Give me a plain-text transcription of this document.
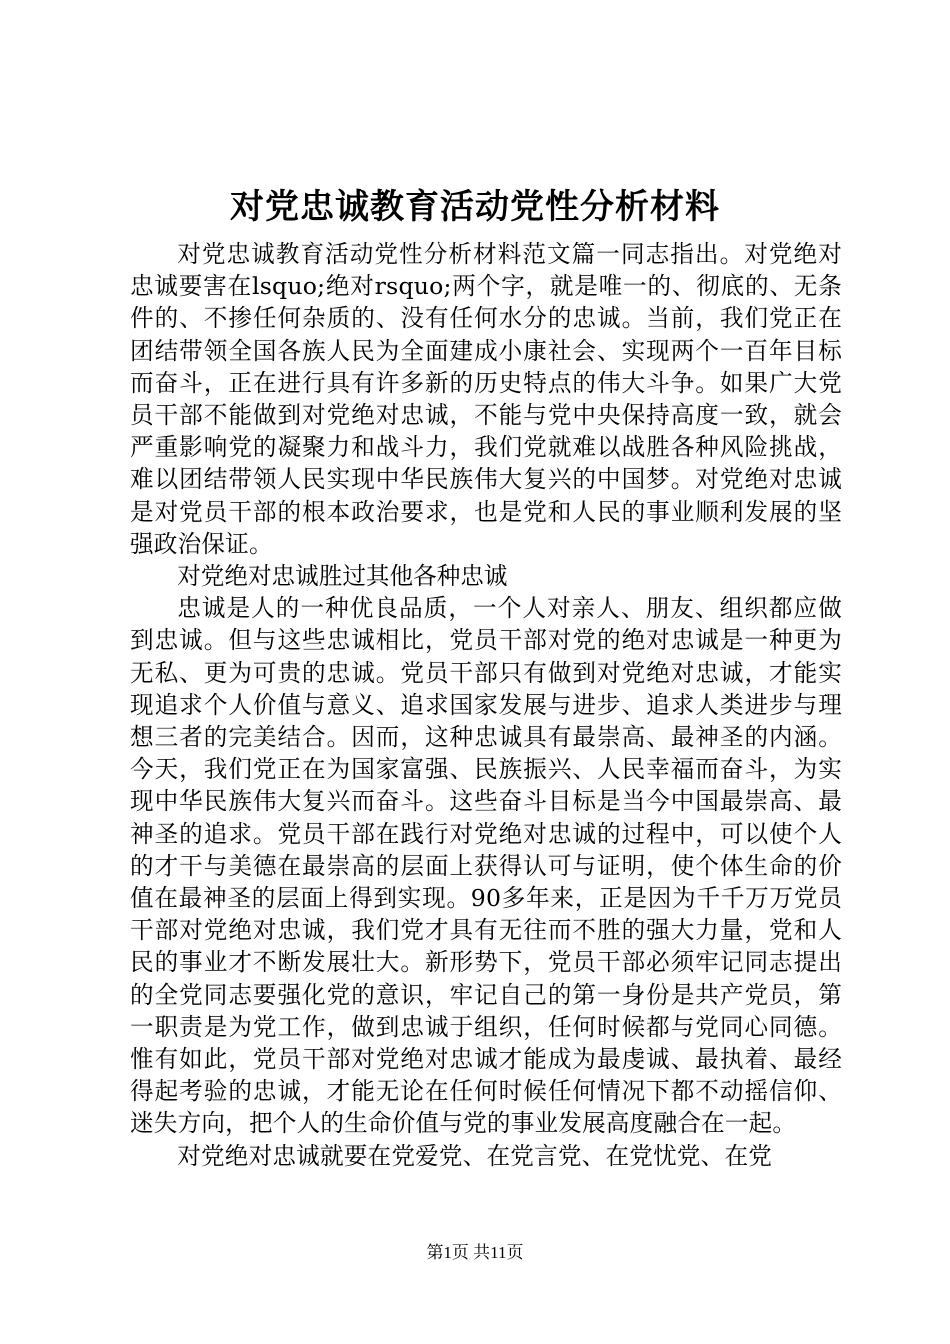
对党忠诚教育活动党性分析材料

对党忠诚教育活动党性分析材料范文篇一同志指出。对党绝对忠诚要害在lsquo;绝对rsquo;两个字，就是唯一的、彻底的、无条件的、不掺任何杂质的、没有任何水分的忠诚。当前，我们党正在团结带领全国各族人民为全面建成小康社会、实现两个一百年目标而奋斗，正在进行具有许多新的历史特点的伟大斗争。如果广大党员干部不能做到对党绝对忠诚，不能与党中央保持高度一致，就会严重影响党的凝聚力和战斗力，我们党就难以战胜各种风险挑战，难以团结带领人民实现中华民族伟大复兴的中国梦。对党绝对忠诚是对党员干部的根本政治要求，也是党和人民的事业顺利发展的坚强政治保证。

对党绝对忠诚胜过其他各种忠诚

忠诚是人的一种优良品质，一个人对亲人、朋友、组织都应做到忠诚。但与这些忠诚相比，党员干部对党的绝对忠诚是一种更为无私、更为可贵的忠诚。党员干部只有做到对党绝对忠诚，才能实现追求个人价值与意义、追求国家发展与进步、追求人类进步与理想三者的完美结合。因而，这种忠诚具有最崇高、最神圣的内涵。今天，我们党正在为国家富强、民族振兴、人民幸福而奋斗，为实现中华民族伟大复兴而奋斗。这些奋斗目标是当今中国最崇高、最神圣的追求。党员干部在践行对党绝对忠诚的过程中，可以使个人的才干与美德在最崇高的层面上获得认可与证明，使个体生命的价值在最神圣的层面上得到实现。90多年来，正是因为千千万万党员干部对党绝对忠诚，我们党才具有无往而不胜的强大力量，党和人民的事业才不断发展壮大。新形势下，党员干部必须牢记同志提出的全党同志要强化党的意识，牢记自己的第一身份是共产党员，第一职责是为党工作，做到忠诚于组织，任何时候都与党同心同德。惟有如此，党员干部对党绝对忠诚才能成为最虔诚、最执着、最经得起考验的忠诚，才能无论在任何时候任何情况下都不动摇信仰、迷失方向，把个人的生命价值与党的事业发展高度融合在一起。

对党绝对忠诚就要在党爱党、在党言党、在党忧党、在党

第1页 共11页
